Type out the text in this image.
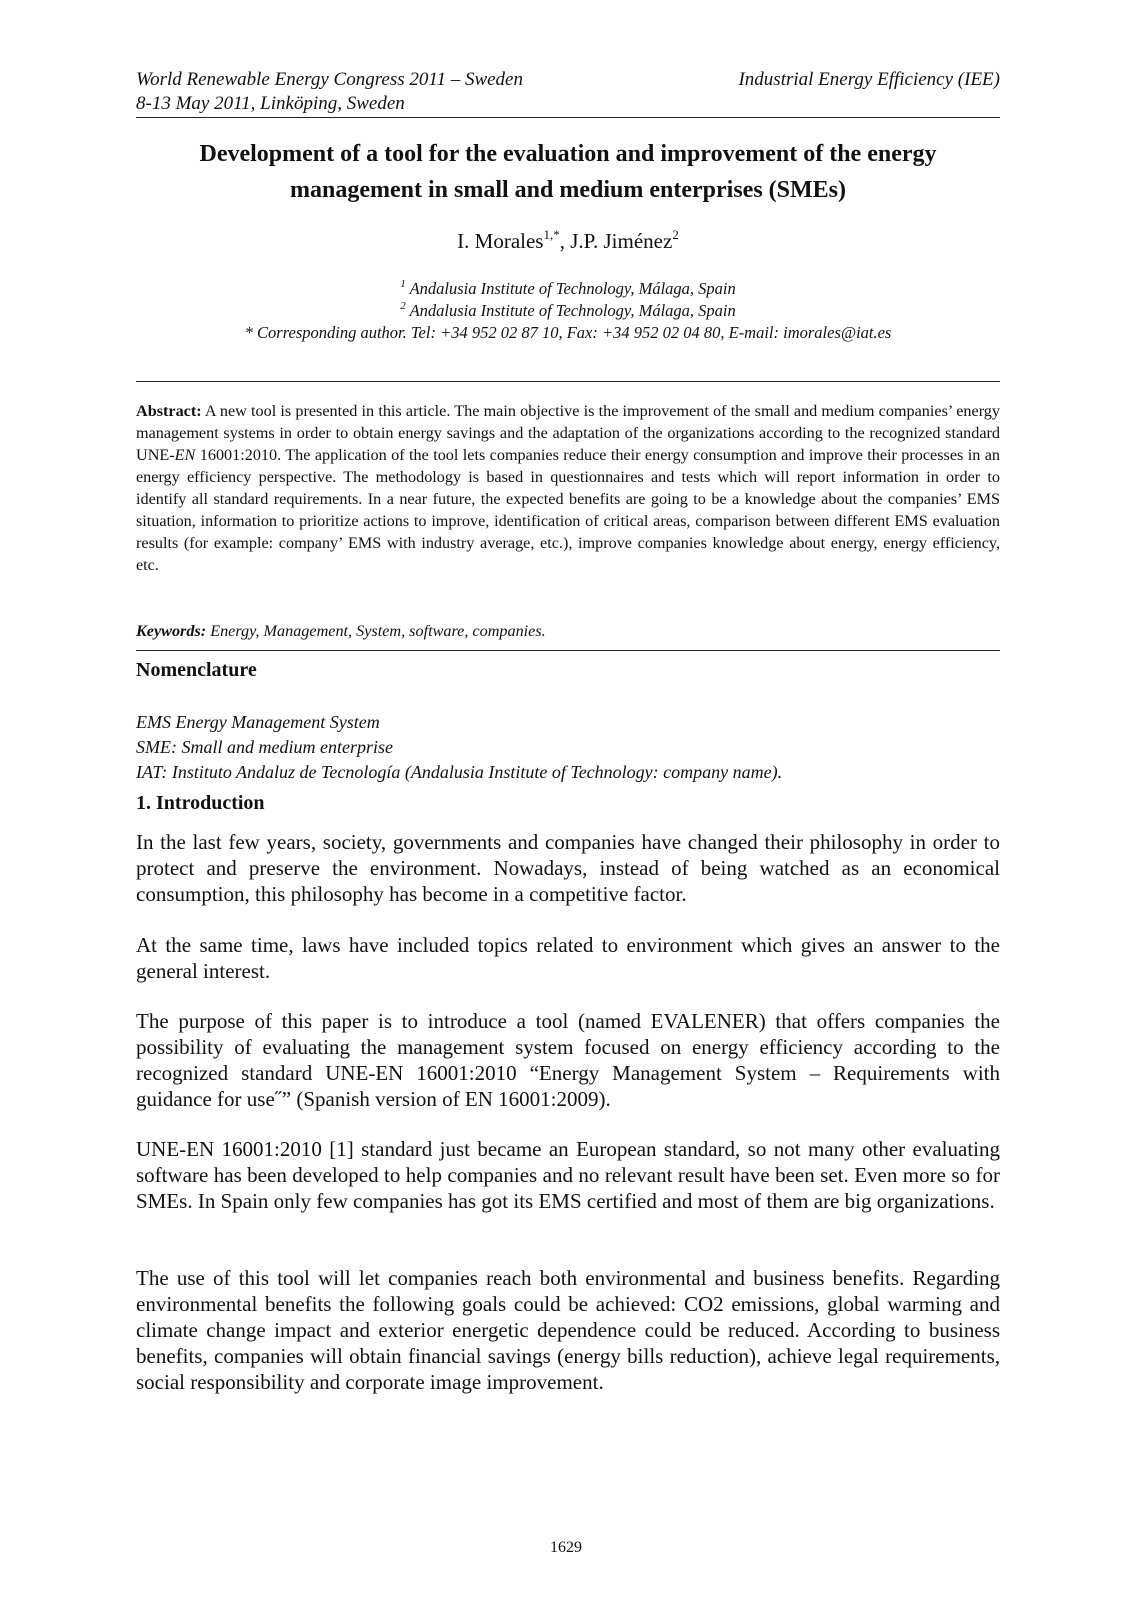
World Renewable Energy Congress 2011 – Sweden
8-13 May 2011, Linköping, Sweden
Industrial Energy Efficiency (IEE)
Development of a tool for the evaluation and improvement of the energy
management in small and medium enterprises (SMEs)
I. Morales$^{1,*}$, J.P. Jiménez$^2$
$^1$ Andalusia Institute of Technology, Málaga, Spain
$^2$ Andalusia Institute of Technology, Málaga, Spain
* Corresponding author. Tel: +34 952 02 87 10, Fax: +34 952 02 04 80, E-mail: imorales@iat.es
Abstract: A new tool is presented in this article. The main objective is the improvement of the small and medium companies’ energy management systems in order to obtain energy savings and the adaptation of the organizations according to the recognized standard UNE-EN 16001:2010. The application of the tool lets companies reduce their energy consumption and improve their processes in an energy efficiency perspective. The methodology is based in questionnaires and tests which will report information in order to identify all standard requirements. In a near future, the expected benefits are going to be a knowledge about the companies’ EMS situation, information to prioritize actions to improve, identification of critical areas, comparison between different EMS evaluation results (for example: company’ EMS with industry average, etc.), improve companies knowledge about energy, energy efficiency, etc.
Keywords: Energy, Management, System, software, companies.
Nomenclature
EMS Energy Management System
SME: Small and medium enterprise
IAT: Instituto Andaluz de Tecnología (Andalusia Institute of Technology: company name).
1. Introduction
In the last few years, society, governments and companies have changed their philosophy in order to protect and preserve the environment. Nowadays, instead of being watched as an economical consumption, this philosophy has become in a competitive factor.
At the same time, laws have included topics related to environment which gives an answer to the general interest.
The purpose of this paper is to introduce a tool (named EVALENER) that offers companies the possibility of evaluating the management system focused on energy efficiency according to the recognized standard UNE-EN 16001:2010 “Energy Management System – Requirements with guidance for use˝” (Spanish version of EN 16001:2009).
UNE-EN 16001:2010 [1] standard just became an European standard, so not many other evaluating software has been developed to help companies and no relevant result have been set. Even more so for SMEs. In Spain only few companies has got its EMS certified and most of them are big organizations.
The use of this tool will let companies reach both environmental and business benefits. Regarding environmental benefits the following goals could be achieved: CO2 emissions, global warming and climate change impact and exterior energetic dependence could be reduced. According to business benefits, companies will obtain financial savings (energy bills reduction), achieve legal requirements, social responsibility and corporate image improvement.
1629
